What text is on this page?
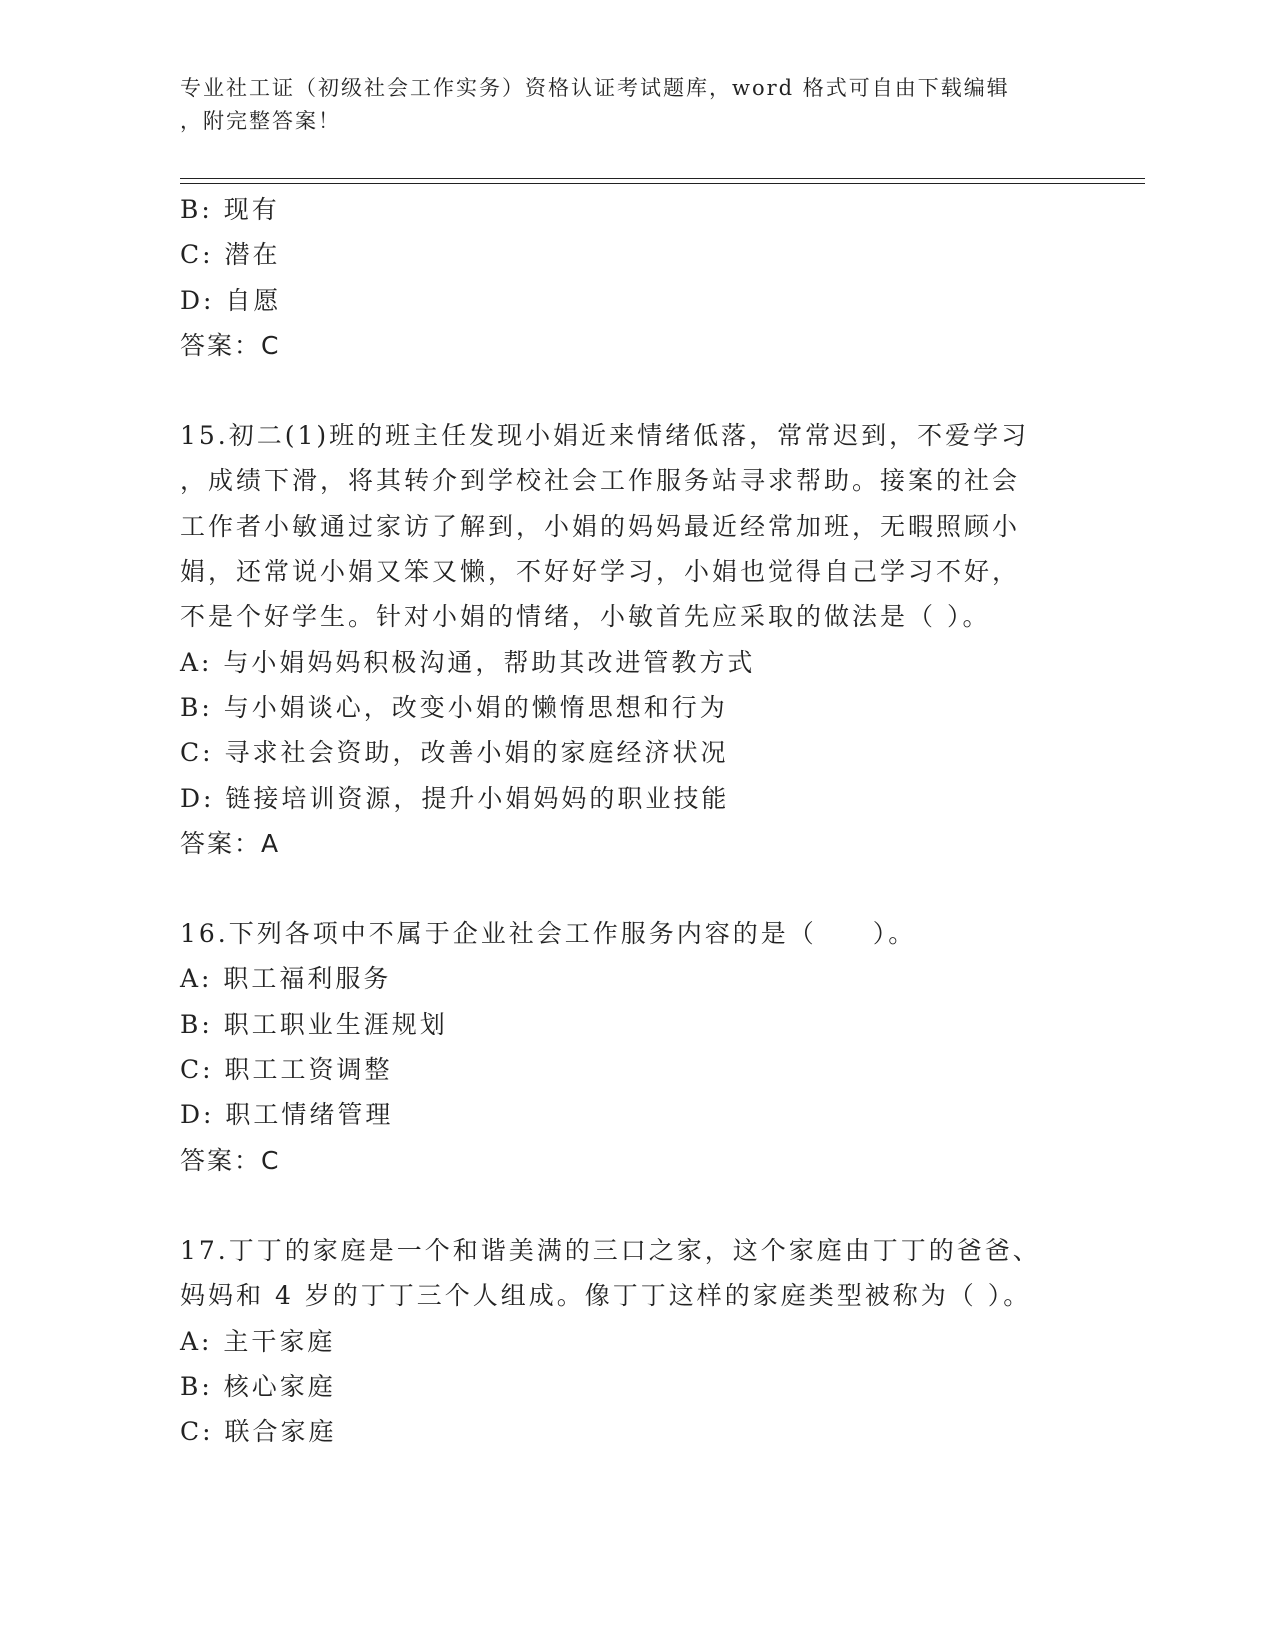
专业社工证（初级社会工作实务）资格认证考试题库，word 格式可自由下载编辑
，附完整答案！
B: 现有
C: 潜在
D: 自愿
答案：C
15.初二(1)班的班主任发现小娟近来情绪低落，常常迟到，不爱学习
，成绩下滑，将其转介到学校社会工作服务站寻求帮助。接案的社会
工作者小敏通过家访了解到，小娟的妈妈最近经常加班，无暇照顾小
娟，还常说小娟又笨又懒，不好好学习，小娟也觉得自己学习不好，
不是个好学生。针对小娟的情绪，小敏首先应采取的做法是（ ）。
A: 与小娟妈妈积极沟通，帮助其改进管教方式
B: 与小娟谈心，改变小娟的懒惰思想和行为
C: 寻求社会资助，改善小娟的家庭经济状况
D: 链接培训资源，提升小娟妈妈的职业技能
答案：A
16.下列各项中不属于企业社会工作服务内容的是（　　）。
A: 职工福利服务
B: 职工职业生涯规划
C: 职工工资调整
D: 职工情绪管理
答案：C
17.丁丁的家庭是一个和谐美满的三口之家，这个家庭由丁丁的爸爸、
妈妈和 4 岁的丁丁三个人组成。像丁丁这样的家庭类型被称为（ ）。
A: 主干家庭
B: 核心家庭
C: 联合家庭
